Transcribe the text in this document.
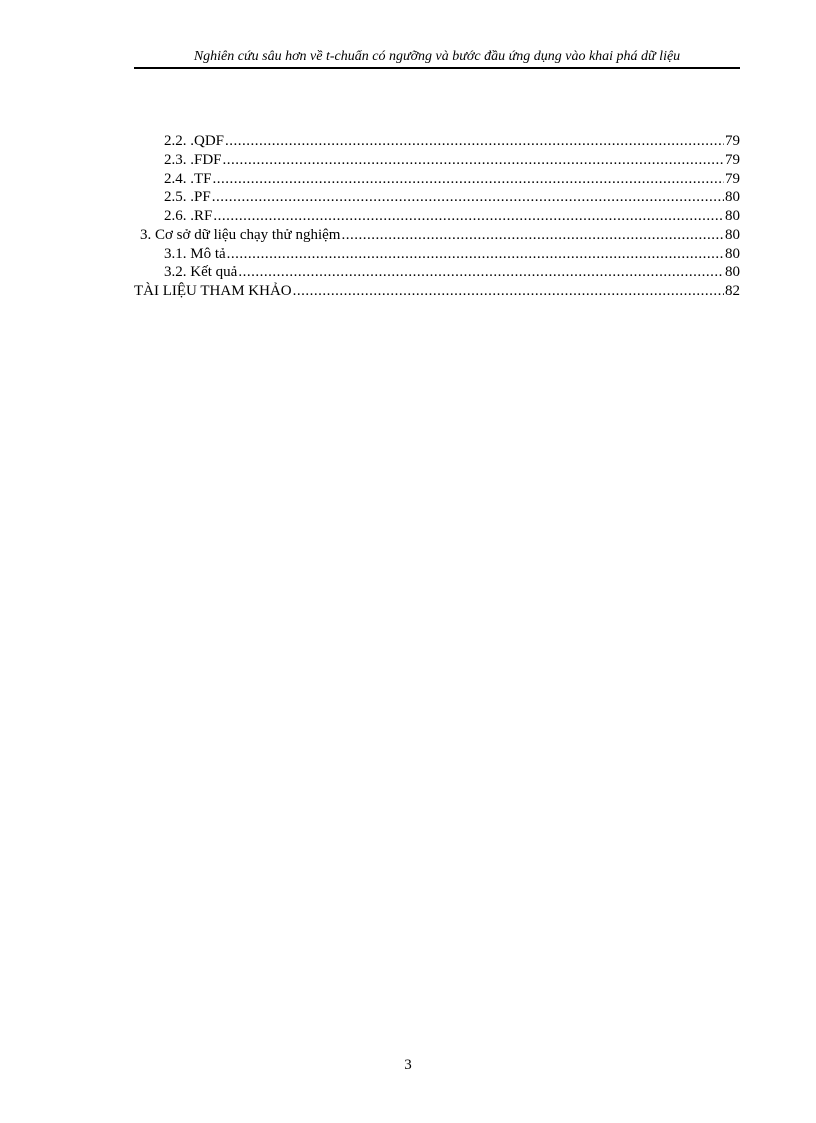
Nghiên cứu sâu hơn về t-chuẩn có ngưỡng và bước đầu ứng dụng vào khai phá dữ liệu
2.2. .QDF .....	79
2.3. .FDF .....	79
2.4. .TF .....	79
2.5. .PF .....	80
2.6. .RF .....	80
3. Cơ sở dữ liệu chạy thử nghiệm .....	80
3.1. Mô tả .....	80
3.2. Kết quả .....	80
TÀI LIỆU THAM KHẢO .....	82
3
